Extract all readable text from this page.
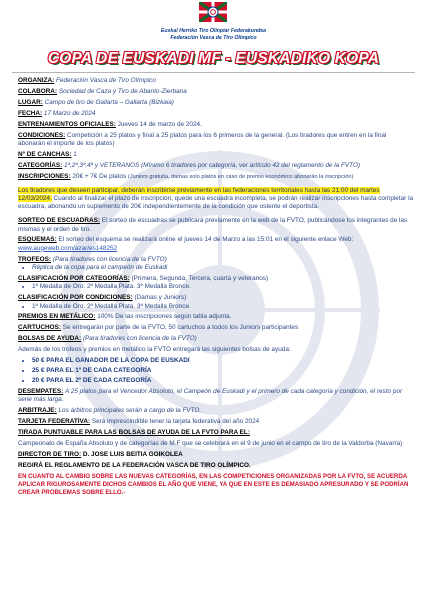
Euskal Herriko Tiro Olinpiar Federakundea
Federación Vasca de Tiro Olímpico
COPA DE EUSKADI MF - EUSKADIKO KOPA
ORGANIZA: Federación Vasca de Tiro Olímpico
COLABORA: Sociedad de Caza y Tiro de Abanto-Zierbana
LUGAR: Campo de tiro de Gallarta – Gallarta (Bizkaia)
FECHA: 17 Marzo de 2024
ENTRENAMIENTOS OFICIALES: Jueves 14 de marzo de 2024.
CONDICIONES: Competición a 25 platos y final a 25 platos para los 6 primeros de la general. (Los tiradores que entren en la final abonarán el importe de los platos)
Nº DE CANCHAS: 1
CATEGORÍAS: 1ª,2ª,3ª,4ª y VETERANOS (Mínimo 6 tiradores por categoría, ver artículo 42 del reglamento de la FVTO)
INSCRIPCIONES: 20€ + 7€ De platos (Juniors gratuita, damas solo platos en caso de premio económico abonarán la inscripción)
Los tiradores que deseen participar, deberán inscribirse previamente en las federaciones territoriales hasta las 21:00 del martes 12/03/2024. Cuando al finalizar el plazo de inscripción, quede una escuadra incompleta, se podrán realizar inscripciones hasta completar la escuadra, abonando un suplemento de 20€ independientemente de la condición que ostente el deportista.
SORTEO DE ESCUADRAS: El sorteo de escuadras se publicará previamente en la web de la FVTO, publicándose los integrantes de las mismas y el orden de tiro.
ESQUEMAS: El sorteo del esquema se realizará online el jueves 14 de Marzo a las 15:01 en el siguiente enlace Web: www.augeweb.com/azar/es148252
TROFEOS: (Para tiradores con licencia de la FVTO)
• Réplica de la copa para el campeón de Euskadi
CLASIFICACIÓN POR CATEGORÍAS: (Primera, Segunda, Tercera, cuarta y veteranos)
• 1ª Medalla de Oro. 2ª Medalla Plata. 3ª Medalla Bronce.
CLASIFICACIÓN POR CONDICIONES: (Damas y Juniors)
• 1ª Medalla de Oro. 2ª Medalla Plata. 3ª Medalla Bronce.
PREMIOS EN METÁLICO: 100% De las inscripciones según tabla adjunta.
CARTUCHOS: Se entregarán por parte de la FVTO, 50 cartuchos a todos los Juniors participantes
BOLSAS DE AYUDA: (Para tiradores con licencia de la FVTO)
Además de los trofeos y premios en metálico la FVTO entregará las siguientes bolsas de ayuda:
• 50 € PARA EL GANADOR DE LA COPA DE EUSKADI
• 25 € PARA EL 1º DE CADA CATEGORÍA
• 20 € PARA EL 2º DE CADA CATEGORÍA
DESEMPATES: A 25 platos para el Vencedor Absoluto, el Campeón de Euskadi y el primero de cada categoría y condición, el resto por serie más larga.
ARBITRAJE: Los árbitros principales serán a cargo de la FVTO.
TARJETA FEDERATIVA: Será imprescindible tener la tarjeta federativa del año 2024
TIRADA PUNTUABLE PARA LAS BOLSAS DE AYUDA DE LA FVTO PARA EL:
Campeonato de España Absoluto y de categorías de M.F que se celebrará en el 9 de junio en el campo de tiro de la Valdorba (Navarra)
DIRECTOR DE TIRO: D. JOSE LUIS BEITIA GOIKOLEA
REGIRÁ EL REGLAMENTO DE LA FEDERACIÓN VASCA DE TIRO OLÍMPICO.
EN CUANTO AL CAMBIO SOBRE LAS NUEVAS CATEGORÍAS, EN LAS COMPETICIONES ORGANIZADAS POR LA FVTO, SE ACUERDA APLICAR RIGUROSAMENTE DICHOS CAMBIOS EL AÑO QUE VIENE, YA QUE EN ESTE ES DEMASIADO APRESURADO Y SE PODRÍAN CREAR PROBLEMAS SOBRE ELLO.-
